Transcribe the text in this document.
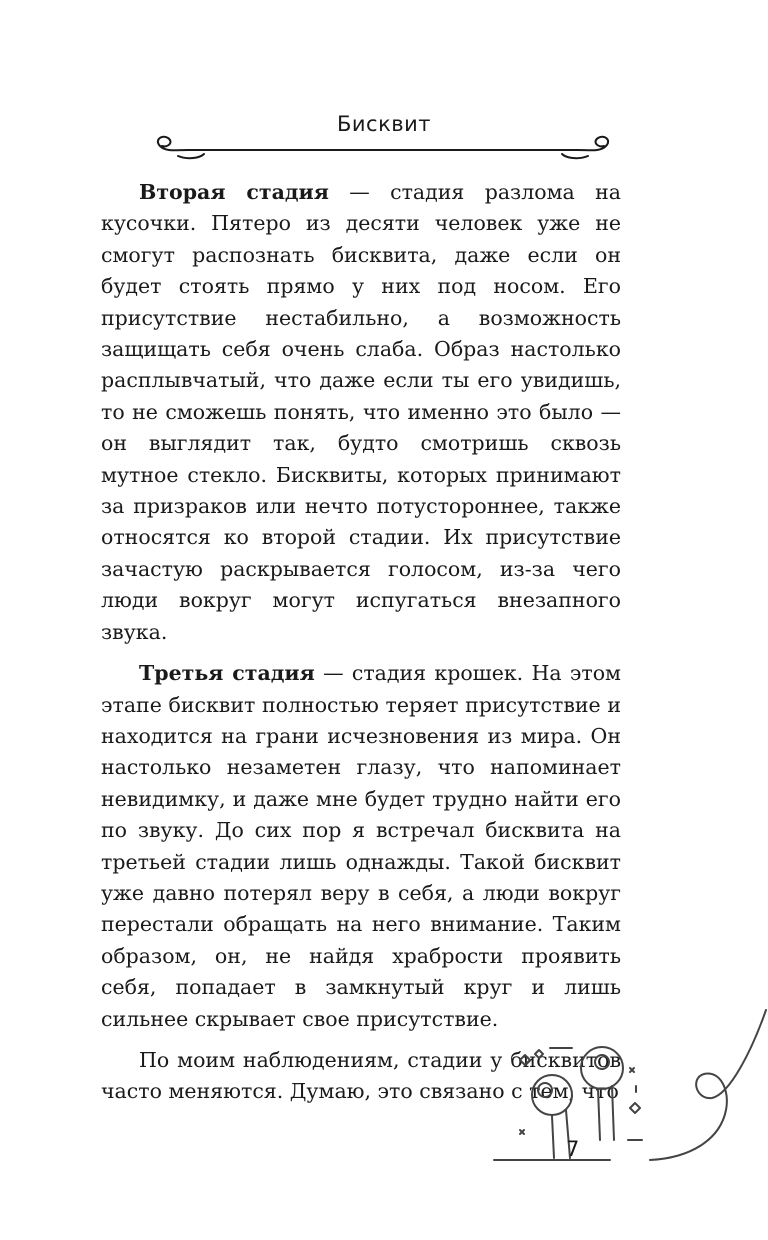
Бисквит

Вторая стадия — стадия разлома на кусочки. Пятеро из десяти человек уже не смогут распознать бисквита, даже если он будет стоять прямо у них под носом. Его присутствие нестабильно, а возможность защищать себя очень слаба. Образ настолько расплывчатый, что даже если ты его увидишь, то не сможешь понять, что именно это было — он выглядит так, будто смотришь сквозь мутное стекло. Бисквиты, которых принимают за призраков или нечто потустороннее, также относятся ко второй стадии. Их присутствие зачастую раскрывается голосом, из-за чего люди вокруг могут испугаться внезапного звука.

Третья стадия — стадия крошек. На этом этапе бисквит полностью теряет присутствие и находится на грани исчезновения из мира. Он настолько незаметен глазу, что напоминает невидимку, и даже мне будет трудно найти его по звуку. До сих пор я встречал бисквита на третьей стадии лишь однажды. Такой бисквит уже давно потерял веру в себя, а люди вокруг перестали обращать на него внимание. Таким образом, он, не найдя храбрости проявить себя, попадает в замкнутый круг и лишь сильнее скрывает свое присутствие.

По моим наблюдениям, стадии у бисквитов часто меняются. Думаю, это связано с тем, что

7
